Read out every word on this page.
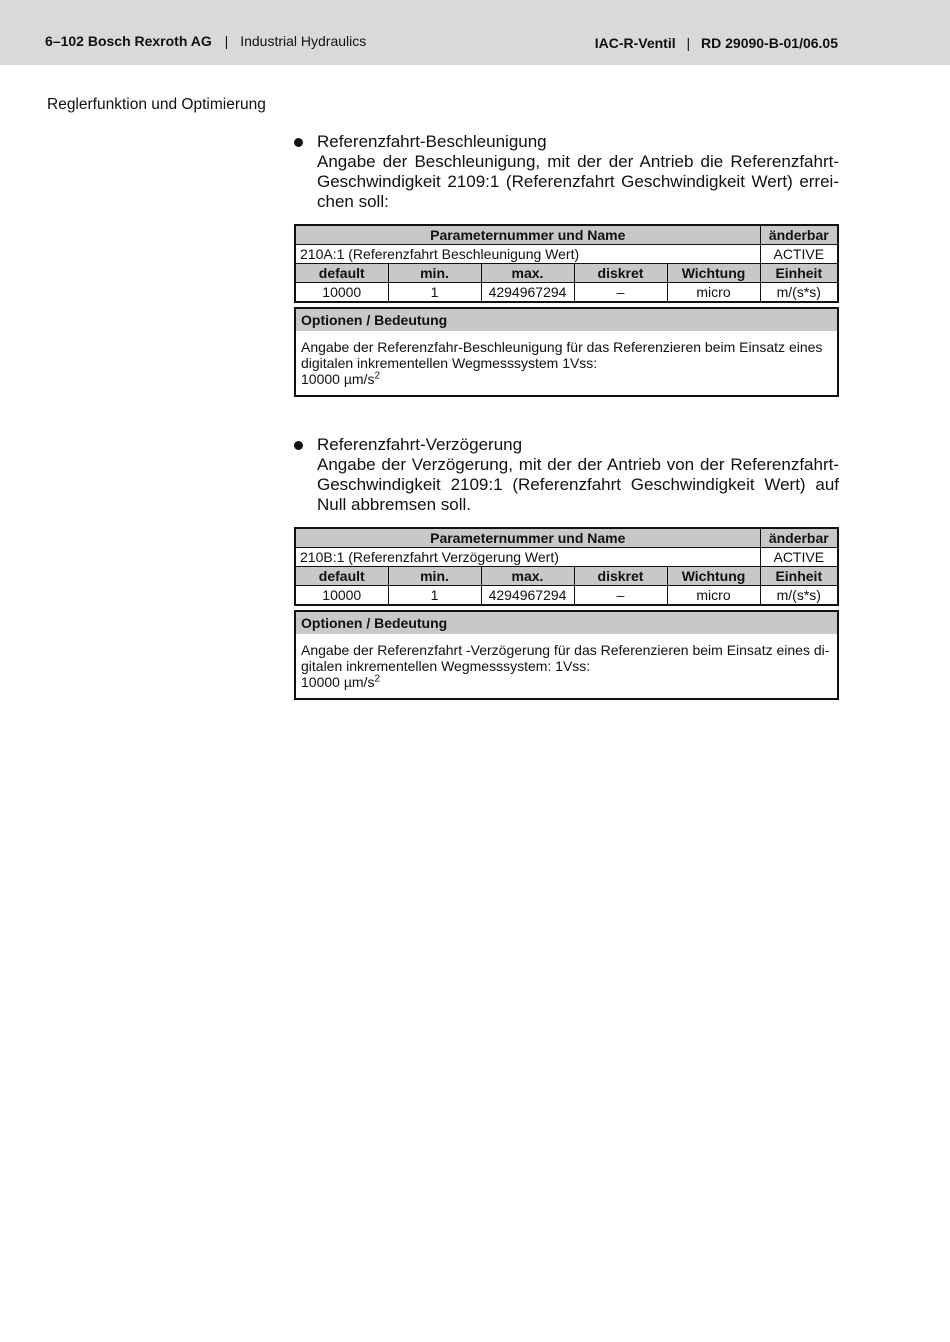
6–102 Bosch Rexroth AG | Industrial Hydraulics	IAC-R-Ventil | RD 29090-B-01/06.05
Reglerfunktion und Optimierung
Referenzfahrt-Beschleunigung
Angabe der Beschleunigung, mit der der Antrieb die Referenzfahrt-
Geschwindigkeit 2109:1 (Referenzfahrt Geschwindigkeit Wert) errei-
chen soll:
Parameternummer und Name					änderbar
210A:1 (Referenzfahrt Beschleunigung Wert)					ACTIVE
default	min.	max.	diskret	Wichtung	Einheit
10000	1	4294967294	–	micro	m/(s*s)
Optionen / Bedeutung
Angabe der Referenzfahr-Beschleunigung für das Referenzieren beim Einsatz eines
digitalen inkrementellen Wegmesssystem 1Vss:
10000 $\mu m/s^2$
Referenzfahrt-Verzögerung
Angabe der Verzögerung, mit der der Antrieb von der Referenzfahrt-
Geschwindigkeit 2109:1 (Referenzfahrt Geschwindigkeit Wert) auf
Null abbremsen soll.
Parameternummer und Name					änderbar
210B:1 (Referenzfahrt Verzögerung Wert)					ACTIVE
default	min.	max.	diskret	Wichtung	Einheit
10000	1	4294967294	–	micro	m/(s*s)
Optionen / Bedeutung
Angabe der Referenzfahrt -Verzögerung für das Referenzieren beim Einsatz eines di-
gitalen inkrementellen Wegmesssystem: 1Vss:
10000 $\mu m/s^2$
